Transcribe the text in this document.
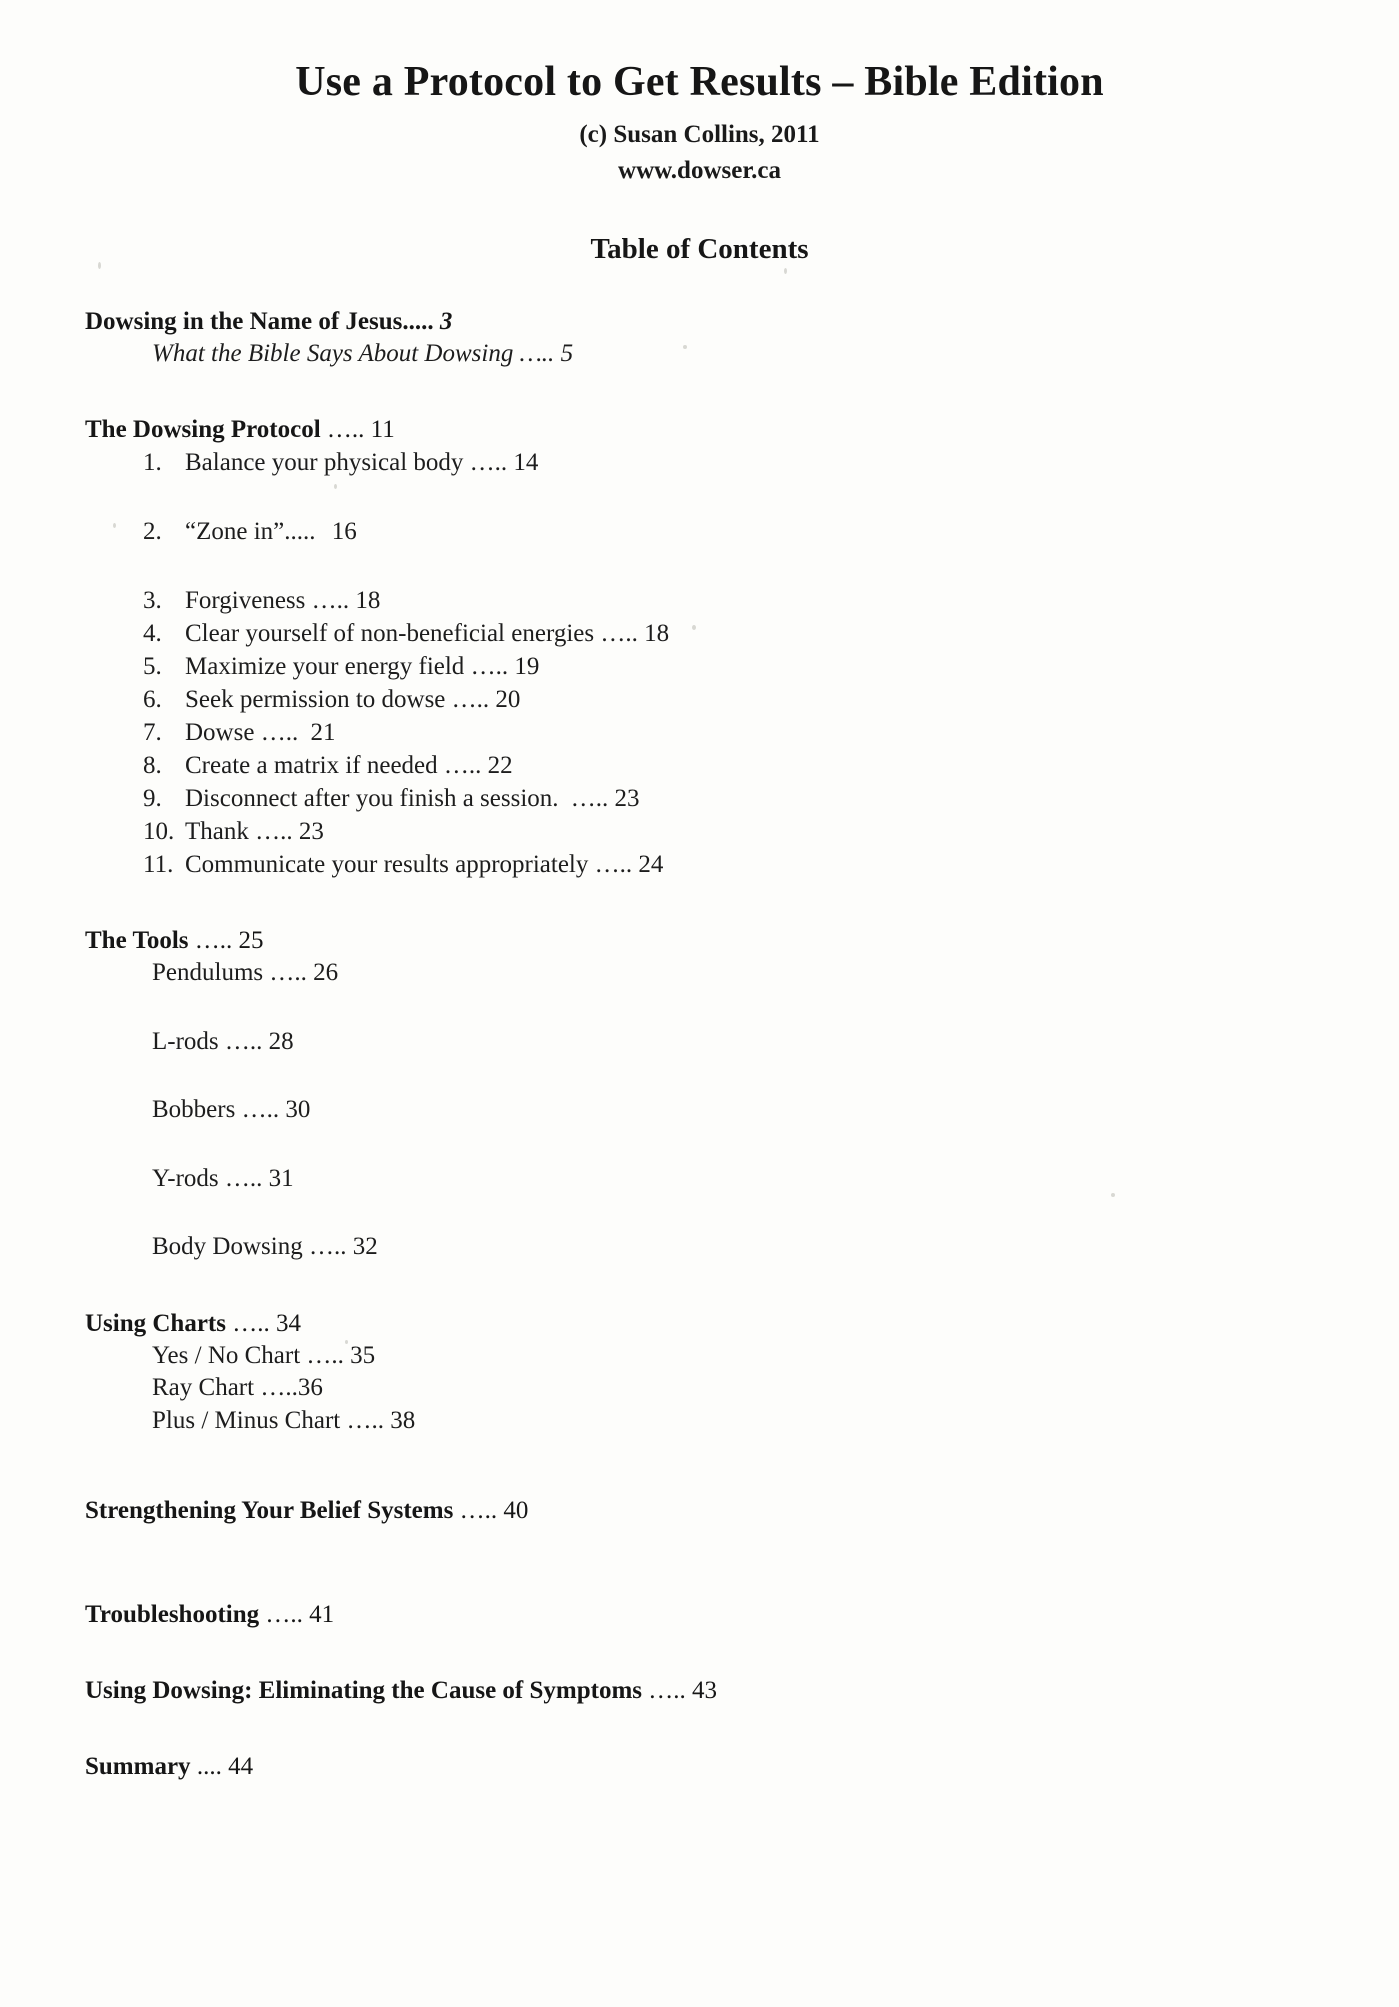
Use a Protocol to Get Results – Bible Edition
(c) Susan Collins, 2011
www.dowser.ca
Table of Contents
Dowsing in the Name of Jesus..... 3
What the Bible Says About Dowsing ….. 5
The Dowsing Protocol ….. 11
1. Balance your physical body ….. 14
2. “Zone in”..... 16
3. Forgiveness ….. 18
4. Clear yourself of non-beneficial energies ….. 18
5. Maximize your energy field ….. 19
6. Seek permission to dowse ….. 20
7. Dowse ….. 21
8. Create a matrix if needed ….. 22
9. Disconnect after you finish a session. ….. 23
10. Thank ….. 23
11. Communicate your results appropriately ….. 24
The Tools ….. 25
Pendulums ….. 26
L-rods ….. 28
Bobbers ….. 30
Y-rods ….. 31
Body Dowsing ….. 32
Using Charts ….. 34
Yes / No Chart ….. 35
Ray Chart …..36
Plus / Minus Chart ….. 38
Strengthening Your Belief Systems ….. 40
Troubleshooting ….. 41
Using Dowsing: Eliminating the Cause of Symptoms ….. 43
Summary .... 44
